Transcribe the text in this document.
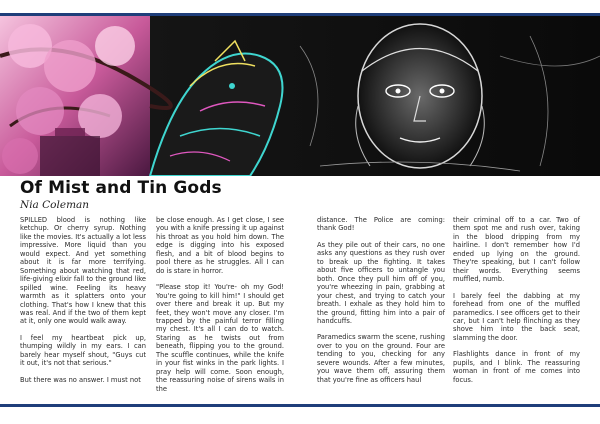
Of Mist and Tin Gods
Nia Coleman

SPILLED blood is nothing like ketchup. Or cherry syrup. Nothing like the movies. It's actually a lot less impressive. More liquid than you would expect. And yet something about it is far more terrifying. Something about watching that red, life-giving elixir fall to the ground like spilled wine. Feeling its heavy warmth as it splatters onto your clothing. That's how I knew that this was real. And if the two of them kept at it, only one would walk away.

I feel my heartbeat pick up, thumping wildly in my ears. I can barely hear myself shout, "Guys cut it out, it's not that serious."

But there was no answer. I must not

be close enough. As I get close, I see you with a knife pressing it up against his throat as you hold him down. The edge is digging into his exposed flesh, and a bit of blood begins to pool there as he struggles. All I can do is stare in horror.

"Please stop it! You're- oh my God! You're going to kill him!" I should get over there and break it up. But my feet, they won't move any closer. I'm trapped by the painful terror filling my chest. It's all I can do to watch. Staring as he twists out from beneath, flipping you to the ground. The scuffle continues, while the knife in your fist winks in the park lights. I pray help will come. Soon enough, the reassuring noise of sirens wails in the

distance. The Police are coming: thank God!

As they pile out of their cars, no one asks any questions as they rush over to break up the fighting. It takes about five officers to untangle you both. Once they pull him off of you, you're wheezing in pain, grabbing at your chest, and trying to catch your breath. I exhale as they hold him to the ground, fitting him into a pair of handcuffs.

Paramedics swarm the scene, rushing over to you on the ground. Four are tending to you, checking for any severe wounds. After a few minutes, you wave them off, assuring them that you're fine as officers haul

their criminal off to a car. Two of them spot me and rush over, taking in the blood dripping from my hairline. I don't remember how I'd ended up lying on the ground. They're speaking, but I can't follow their words. Everything seems muffled, numb.

I barely feel the dabbing at my forehead from one of the muffled paramedics. I see officers get to their car, but I can't help flinching as they shove him into the back seat, slamming the door.

Flashlights dance in front of my pupils, and I blink. The reassuring woman in front of me comes into focus.
